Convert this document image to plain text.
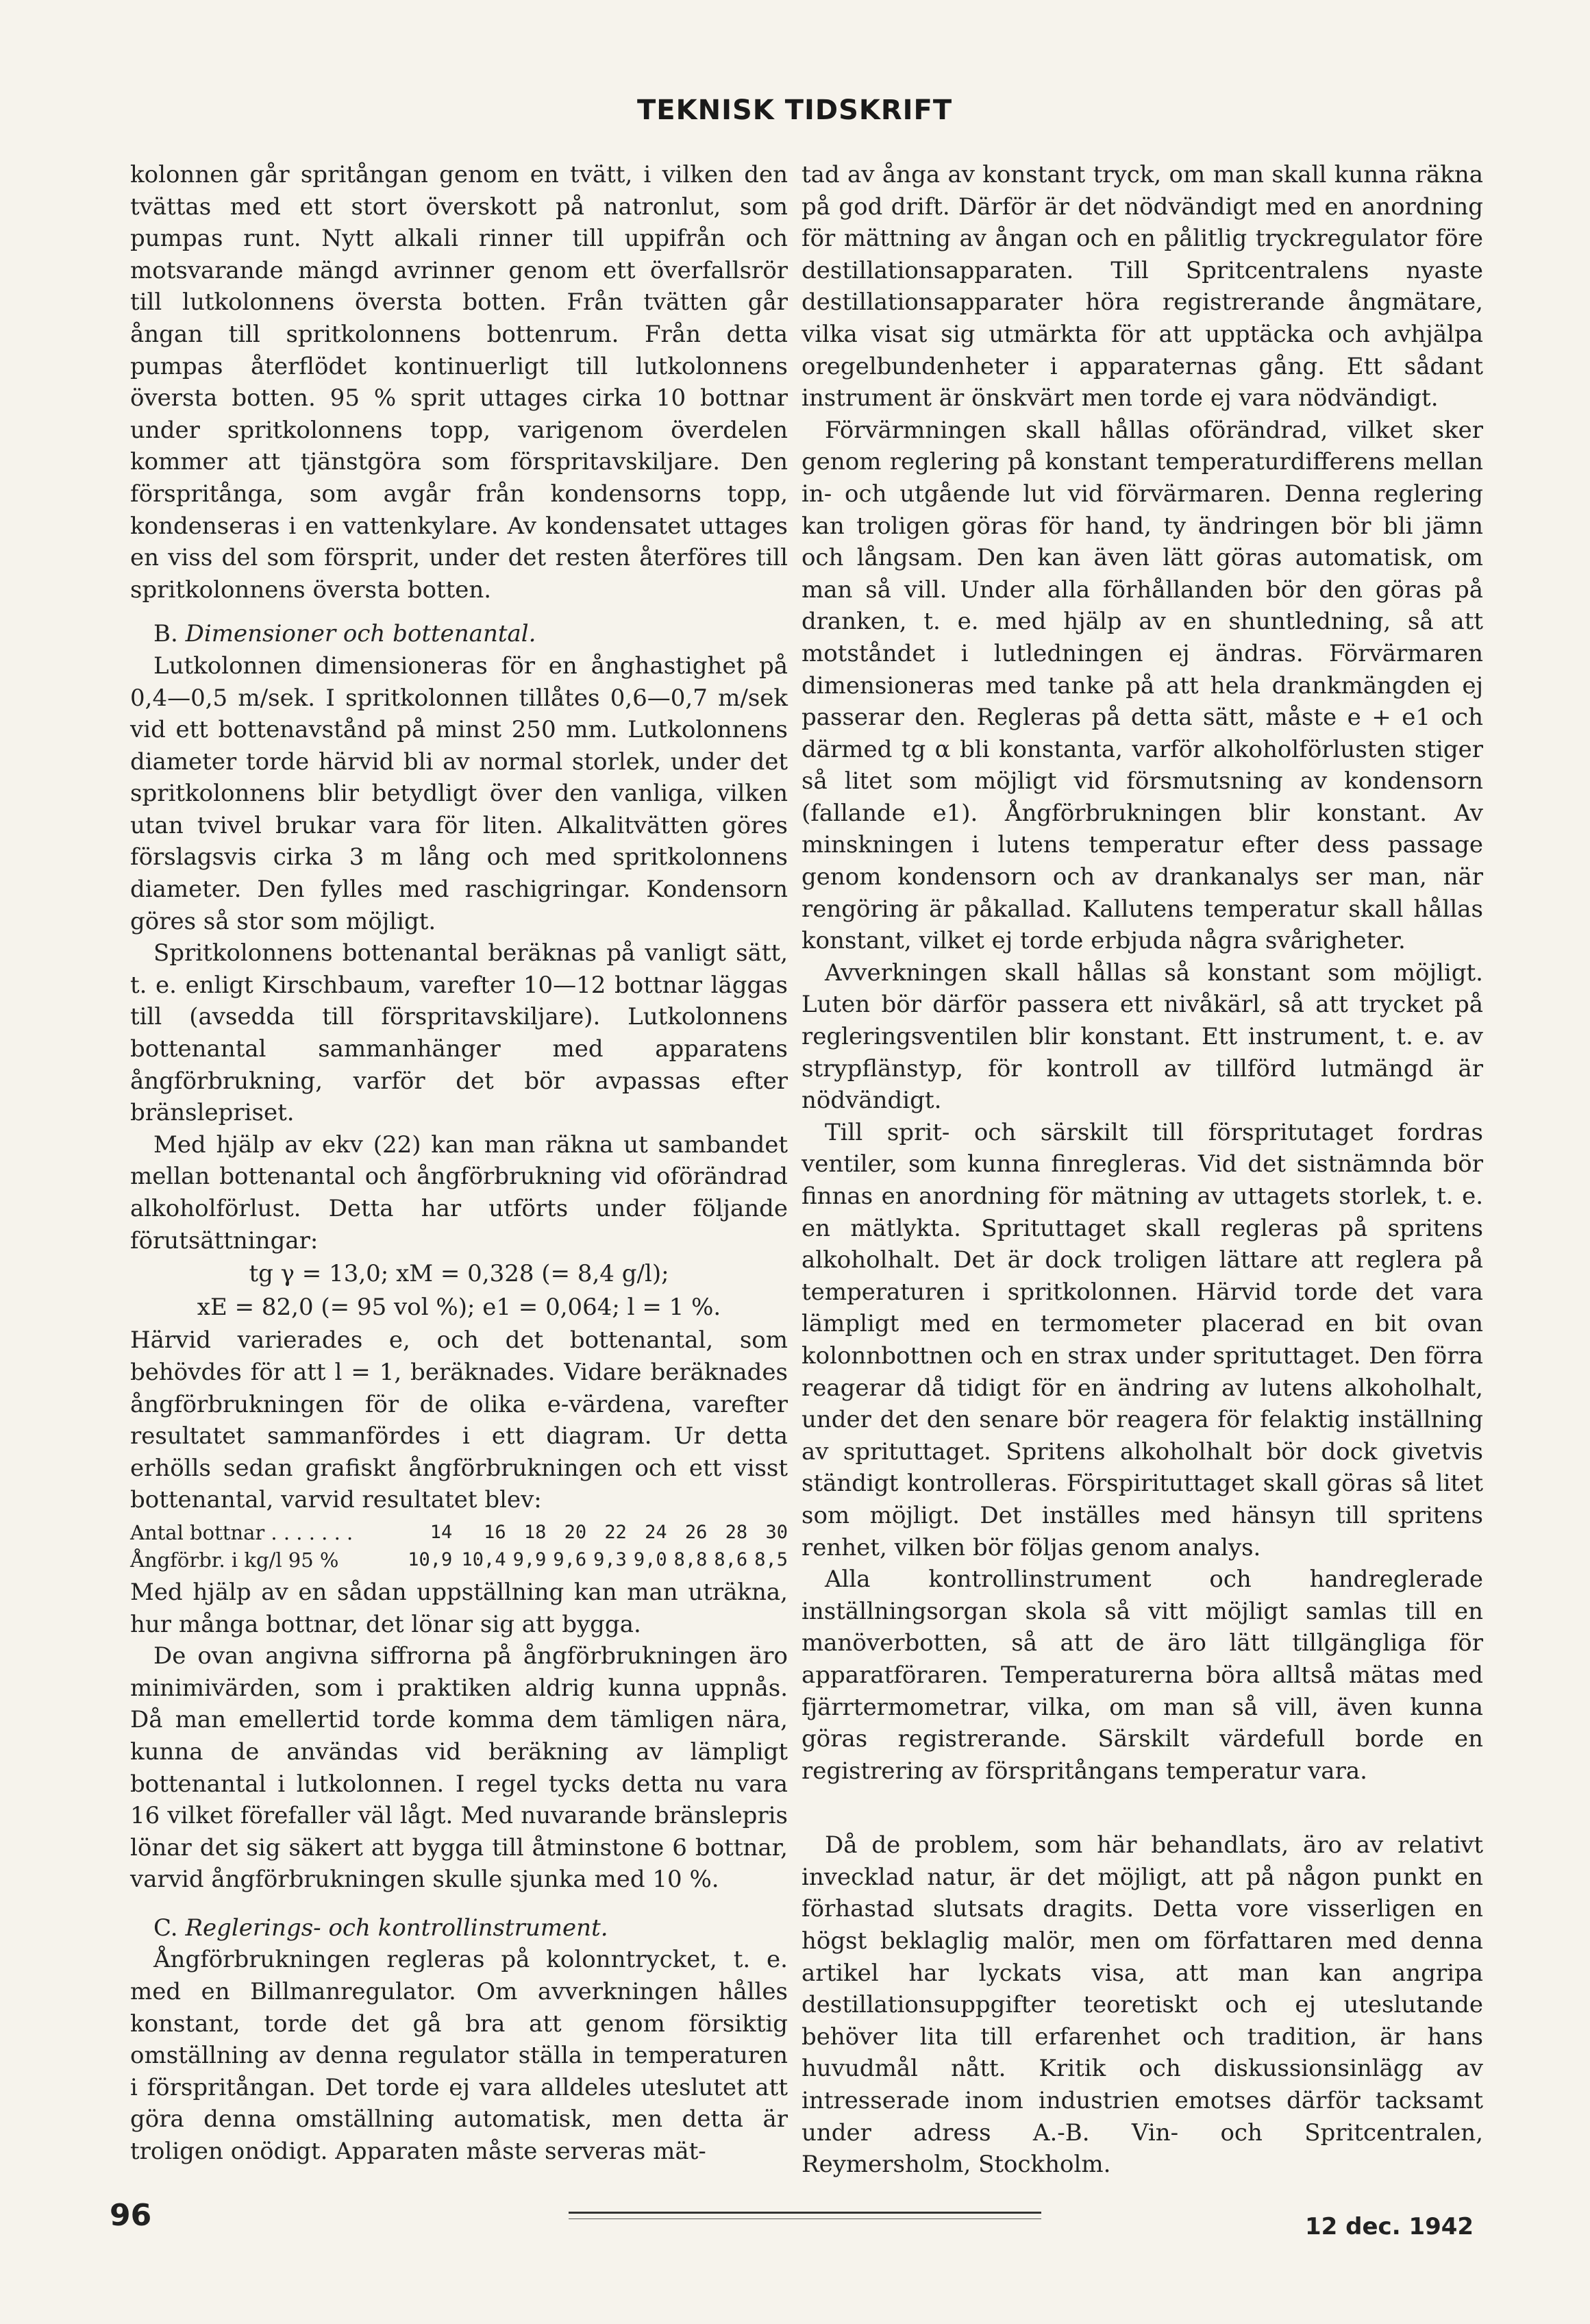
TEKNISK TIDSKRIFT

kolonnen går spritångan genom en tvätt, i vilken den tvättas med ett stort överskott på natronlut, som pumpas runt. Nytt alkali rinner till uppifrån och motsvarande mängd avrinner genom ett överfallsrör till lutkolonnens översta botten. Från tvätten går ångan till spritkolonnens bottenrum. Från detta pumpas återflödet kontinuerligt till lutkolonnens översta botten. 95 % sprit uttages cirka 10 bottnar under spritkolonnens topp, varigenom överdelen kommer att tjänstgöra som förspritavskiljare. Den förspritånga, som avgår från kondensorns topp, kondenseras i en vattenkylare. Av kondensatet uttages en viss del som försprit, under det resten återföres till spritkolonnens översta botten.

B. Dimensioner och bottenantal.

Lutkolonnen dimensioneras för en ånghastighet på 0,4—0,5 m/sek. I spritkolonnen tillåtes 0,6—0,7 m/sek vid ett bottenavstånd på minst 250 mm. Lutkolonnens diameter torde härvid bli av normal storlek, under det spritkolonnens blir betydligt över den vanliga, vilken utan tvivel brukar vara för liten. Alkalitvätten göres förslagsvis cirka 3 m lång och med spritkolonnens diameter. Den fylles med raschigringar. Kondensorn göres så stor som möjligt.

Spritkolonnens bottenantal beräknas på vanligt sätt, t. e. enligt Kirschbaum, varefter 10—12 bottnar läggas till (avsedda till förspritavskiljare). Lutkolonnens bottenantal sammanhänger med apparatens ångförbrukning, varför det bör avpassas efter bränslepriset.

Med hjälp av ekv (22) kan man räkna ut sambandet mellan bottenantal och ångförbrukning vid oförändrad alkoholförlust. Detta har utförts under följande förutsättningar:

tg γ = 13,0; xM = 0,328 (= 8,4 g/l);
xE = 82,0 (= 95 vol %); e1 = 0,064; l = 1 %.

Härvid varierades e, och det bottenantal, som behövdes för att l = 1, beräknades. Vidare beräknades ångförbrukningen för de olika e-värdena, varefter resultatet sammanfördes i ett diagram. Ur detta erhölls sedan grafiskt ångförbrukningen och ett visst bottenantal, varvid resultatet blev:

Antal bottnar . . . . . . .	14	16	18	20	22	24	26	28	30
Ångförbr. i kg/l 95 %	10,9	10,4	9,9	9,6	9,3	9,0	8,8	8,6	8,5

Med hjälp av en sådan uppställning kan man uträkna, hur många bottnar, det lönar sig att bygga.

De ovan angivna siffrorna på ångförbrukningen äro minimivärden, som i praktiken aldrig kunna uppnås. Då man emellertid torde komma dem tämligen nära, kunna de användas vid beräkning av lämpligt bottenantal i lutkolonnen. I regel tycks detta nu vara 16 vilket förefaller väl lågt. Med nuvarande bränslepris lönar det sig säkert att bygga till åtminstone 6 bottnar, varvid ångförbrukningen skulle sjunka med 10 %.

C. Reglerings- och kontrollinstrument.

Ångförbrukningen regleras på kolonntrycket, t. e. med en Billmanregulator. Om avverkningen hålles konstant, torde det gå bra att genom försiktig omställning av denna regulator ställa in temperaturen i förspritångan. Det torde ej vara alldeles uteslutet att göra denna omställning automatisk, men detta är troligen onödigt. Apparaten måste serveras mät-

tad av ånga av konstant tryck, om man skall kunna räkna på god drift. Därför är det nödvändigt med en anordning för mättning av ångan och en pålitlig tryckregulator före destillationsapparaten. Till Spritcentralens nyaste destillationsapparater höra registrerande ångmätare, vilka visat sig utmärkta för att upptäcka och avhjälpa oregelbundenheter i apparaternas gång. Ett sådant instrument är önskvärt men torde ej vara nödvändigt.

Förvärmningen skall hållas oförändrad, vilket sker genom reglering på konstant temperaturdifferens mellan in- och utgående lut vid förvärmaren. Denna reglering kan troligen göras för hand, ty ändringen bör bli jämn och långsam. Den kan även lätt göras automatisk, om man så vill. Under alla förhållanden bör den göras på dranken, t. e. med hjälp av en shuntledning, så att motståndet i lutledningen ej ändras. Förvärmaren dimensioneras med tanke på att hela drankmängden ej passerar den. Regleras på detta sätt, måste e + e1 och därmed tg α bli konstanta, varför alkoholförlusten stiger så litet som möjligt vid försmutsning av kondensorn (fallande e1). Ångförbrukningen blir konstant. Av minskningen i lutens temperatur efter dess passage genom kondensorn och av drankanalys ser man, när rengöring är påkallad. Kallutens temperatur skall hållas konstant, vilket ej torde erbjuda några svårigheter.

Avverkningen skall hållas så konstant som möjligt. Luten bör därför passera ett nivåkärl, så att trycket på regleringsventilen blir konstant. Ett instrument, t. e. av strypflänstyp, för kontroll av tillförd lutmängd är nödvändigt.

Till sprit- och särskilt till förspritutaget fordras ventiler, som kunna finregleras. Vid det sistnämnda bör finnas en anordning för mätning av uttagets storlek, t. e. en mätlykta. Sprituttaget skall regleras på spritens alkoholhalt. Det är dock troligen lättare att reglera på temperaturen i spritkolonnen. Härvid torde det vara lämpligt med en termometer placerad en bit ovan kolonnbottnen och en strax under sprituttaget. Den förra reagerar då tidigt för en ändring av lutens alkoholhalt, under det den senare bör reagera för felaktig inställning av sprituttaget. Spritens alkoholhalt bör dock givetvis ständigt kontrolleras. Förspirituttaget skall göras så litet som möjligt. Det inställes med hänsyn till spritens renhet, vilken bör följas genom analys.

Alla kontrollinstrument och handreglerade inställningsorgan skola så vitt möjligt samlas till en manöverbotten, så att de äro lätt tillgängliga för apparatföraren. Temperaturerna böra alltså mätas med fjärrtermometrar, vilka, om man så vill, även kunna göras registrerande. Särskilt värdefull borde en registrering av förspritångans temperatur vara.

Då de problem, som här behandlats, äro av relativt invecklad natur, är det möjligt, att på någon punkt en förhastad slutsats dragits. Detta vore visserligen en högst beklaglig malör, men om författaren med denna artikel har lyckats visa, att man kan angripa destillationsuppgifter teoretiskt och ej uteslutande behöver lita till erfarenhet och tradition, är hans huvudmål nått. Kritik och diskussionsinlägg av intresserade inom industrien emotses därför tacksamt under adress A.-B. Vin- och Spritcentralen, Reymersholm, Stockholm.

96	12 dec. 1942
